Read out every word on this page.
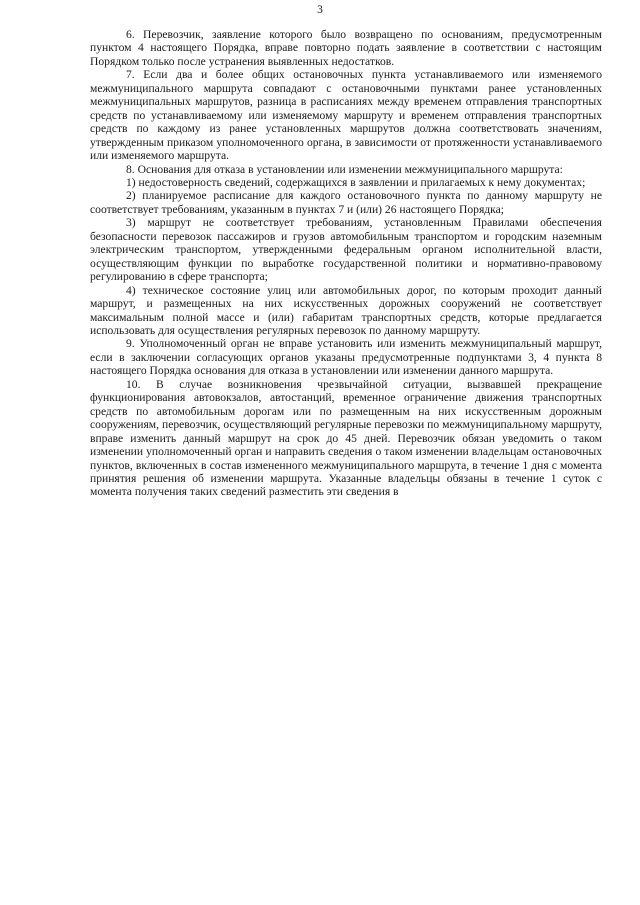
3

6. Перевозчик, заявление которого было возвращено по основаниям, предусмотренным пунктом 4 настоящего Порядка, вправе повторно подать заявление в соответствии с настоящим Порядком только после устранения выявленных недостатков.

7. Если два и более общих остановочных пункта устанавливаемого или изменяемого межмуниципального маршрута совпадают с остановочными пунктами ранее установленных межмуниципальных маршрутов, разница в расписаниях между временем отправления транспортных средств по устанавливаемому или изменяемому маршруту и временем отправления транспортных средств по каждому из ранее установленных маршрутов должна соответствовать значениям, утвержденным приказом уполномоченного органа, в зависимости от протяженности устанавливаемого или изменяемого маршрута.

8. Основания для отказа в установлении или изменении межмуниципального маршрута:

1) недостоверность сведений, содержащихся в заявлении и прилагаемых к нему документах;

2) планируемое расписание для каждого остановочного пункта по данному маршруту не соответствует требованиям, указанным в пунктах 7 и (или) 26 настоящего Порядка;

3) маршрут не соответствует требованиям, установленным Правилами обеспечения безопасности перевозок пассажиров и грузов автомобильным транспортом и городским наземным электрическим транспортом, утвержденными федеральным органом исполнительной власти, осуществляющим функции по выработке государственной политики и нормативно-правовому регулированию в сфере транспорта;

4) техническое состояние улиц или автомобильных дорог, по которым проходит данный маршрут, и размещенных на них искусственных дорожных сооружений не соответствует максимальным полной массе и (или) габаритам транспортных средств, которые предлагается использовать для осуществления регулярных перевозок по данному маршруту.

9. Уполномоченный орган не вправе установить или изменить межмуниципальный маршрут, если в заключении согласующих органов указаны предусмотренные подпунктами 3, 4 пункта 8 настоящего Порядка основания для отказа в установлении или изменении данного маршрута.

10. В случае возникновения чрезвычайной ситуации, вызвавшей прекращение функционирования автовокзалов, автостанций, временное ограничение движения транспортных средств по автомобильным дорогам или по размещенным на них искусственным дорожным сооружениям, перевозчик, осуществляющий регулярные перевозки по межмуниципальному маршруту, вправе изменить данный маршрут на срок до 45 дней. Перевозчик обязан уведомить о таком изменении уполномоченный орган и направить сведения о таком изменении владельцам остановочных пунктов, включенных в состав измененного межмуниципального маршрута, в течение 1 дня с момента принятия решения об изменении маршрута. Указанные владельцы обязаны в течение 1 суток с момента получения таких сведений разместить эти сведения в
